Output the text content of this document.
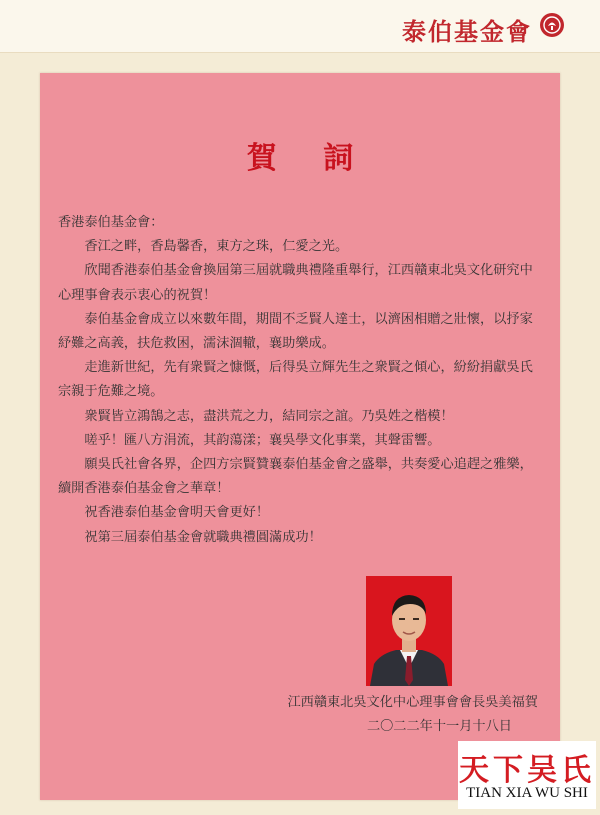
泰伯基金會
賀 詞

香港泰伯基金會：

香江之畔，香島馨香，東方之珠，仁愛之光。

欣聞香港泰伯基金會換屆第三屆就職典禮隆重舉行，江西贛東北吳文化研究中心理事會表示衷心的祝賀！

泰伯基金會成立以來數年間，期間不乏賢人達士，以濟困相贈之壯懷，以抒家紓難之高義，扶危救困，濡沫涸轍，襄助樂成。

走進新世紀，先有衆賢之慷慨，后得吳立輝先生之衆賢之傾心，紛紛捐獻吳氏宗親于危難之境。

衆賢皆立鴻鵠之志，盡洪荒之力，結同宗之誼。乃吳姓之楷模！

嗟乎！匯八方涓流，其韵蕩漾；襄吳學文化事業，其聲雷響。

願吳氏社會各界，企四方宗賢贊襄泰伯基金會之盛舉，共奏愛心追趕之雅樂，續開香港泰伯基金會之華章！

祝香港泰伯基金會明天會更好！

祝第三屆泰伯基金會就職典禮圓滿成功！

江西贛東北吳文化中心理事會會長吳美福賀
二〇二二年十一月十八日
天下吴氏
TIAN XIA WU SHI
